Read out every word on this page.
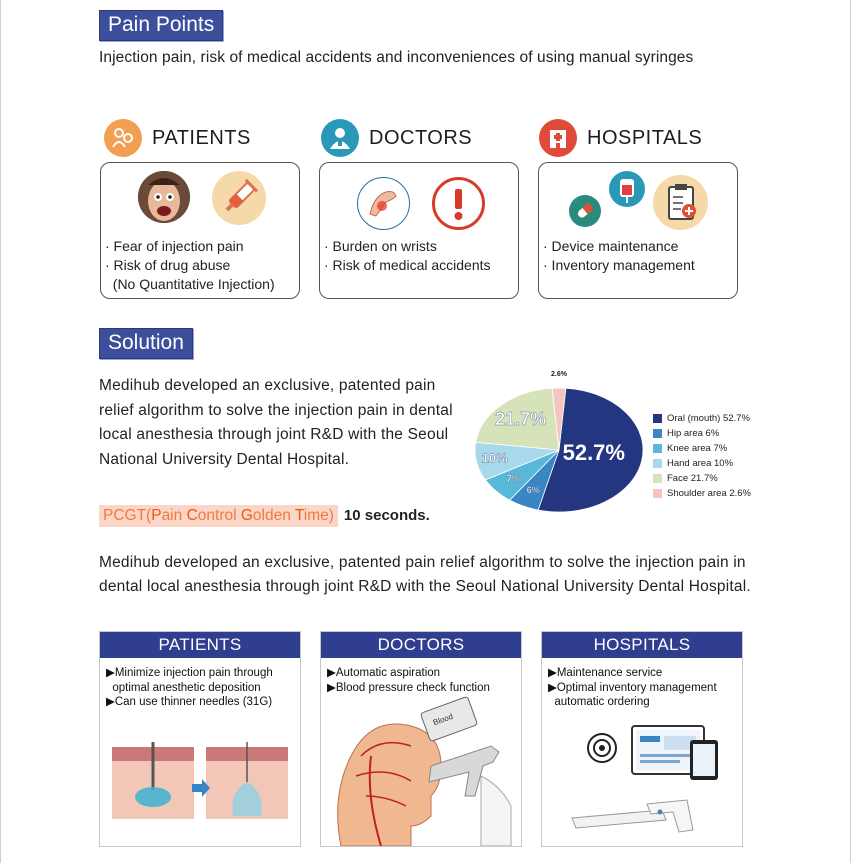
Pain Points
Injection pain, risk of medical accidents and inconveniences of using manual syringes
PATIENTS	DOCTORS	HOSPITALS
· Fear of injection pain
· Risk of drug abuse
(No Quantitative Injection)
· Burden on wrists
· Risk of medical accidents
· Device maintenance
· Inventory management
Solution
Medihub developed an exclusive, patented pain relief algorithm to solve the injection pain in dental local anesthesia through joint R&D with the Seoul National University Dental Hospital.
PCGT(Pain Control Golden Time) 10 seconds.
52.7%
6%
7%
10%
21.7%
2.6%
Oral (mouth) 52.7%
Hip area 6%
Knee area 7%
Hand area 10%
Face 21.7%
Shoulder area 2.6%
Medihub developed an exclusive, patented pain relief algorithm to solve the injection pain in dental local anesthesia through joint R&D with the Seoul National University Dental Hospital.
PATIENTS
▶Minimize injection pain through
optimal anesthetic deposition
▶Can use thinner needles (31G)
DOCTORS
▶Automatic aspiration
▶Blood pressure check function
Blood
HOSPITALS
▶Maintenance service
▶Optimal inventory management
automatic ordering
